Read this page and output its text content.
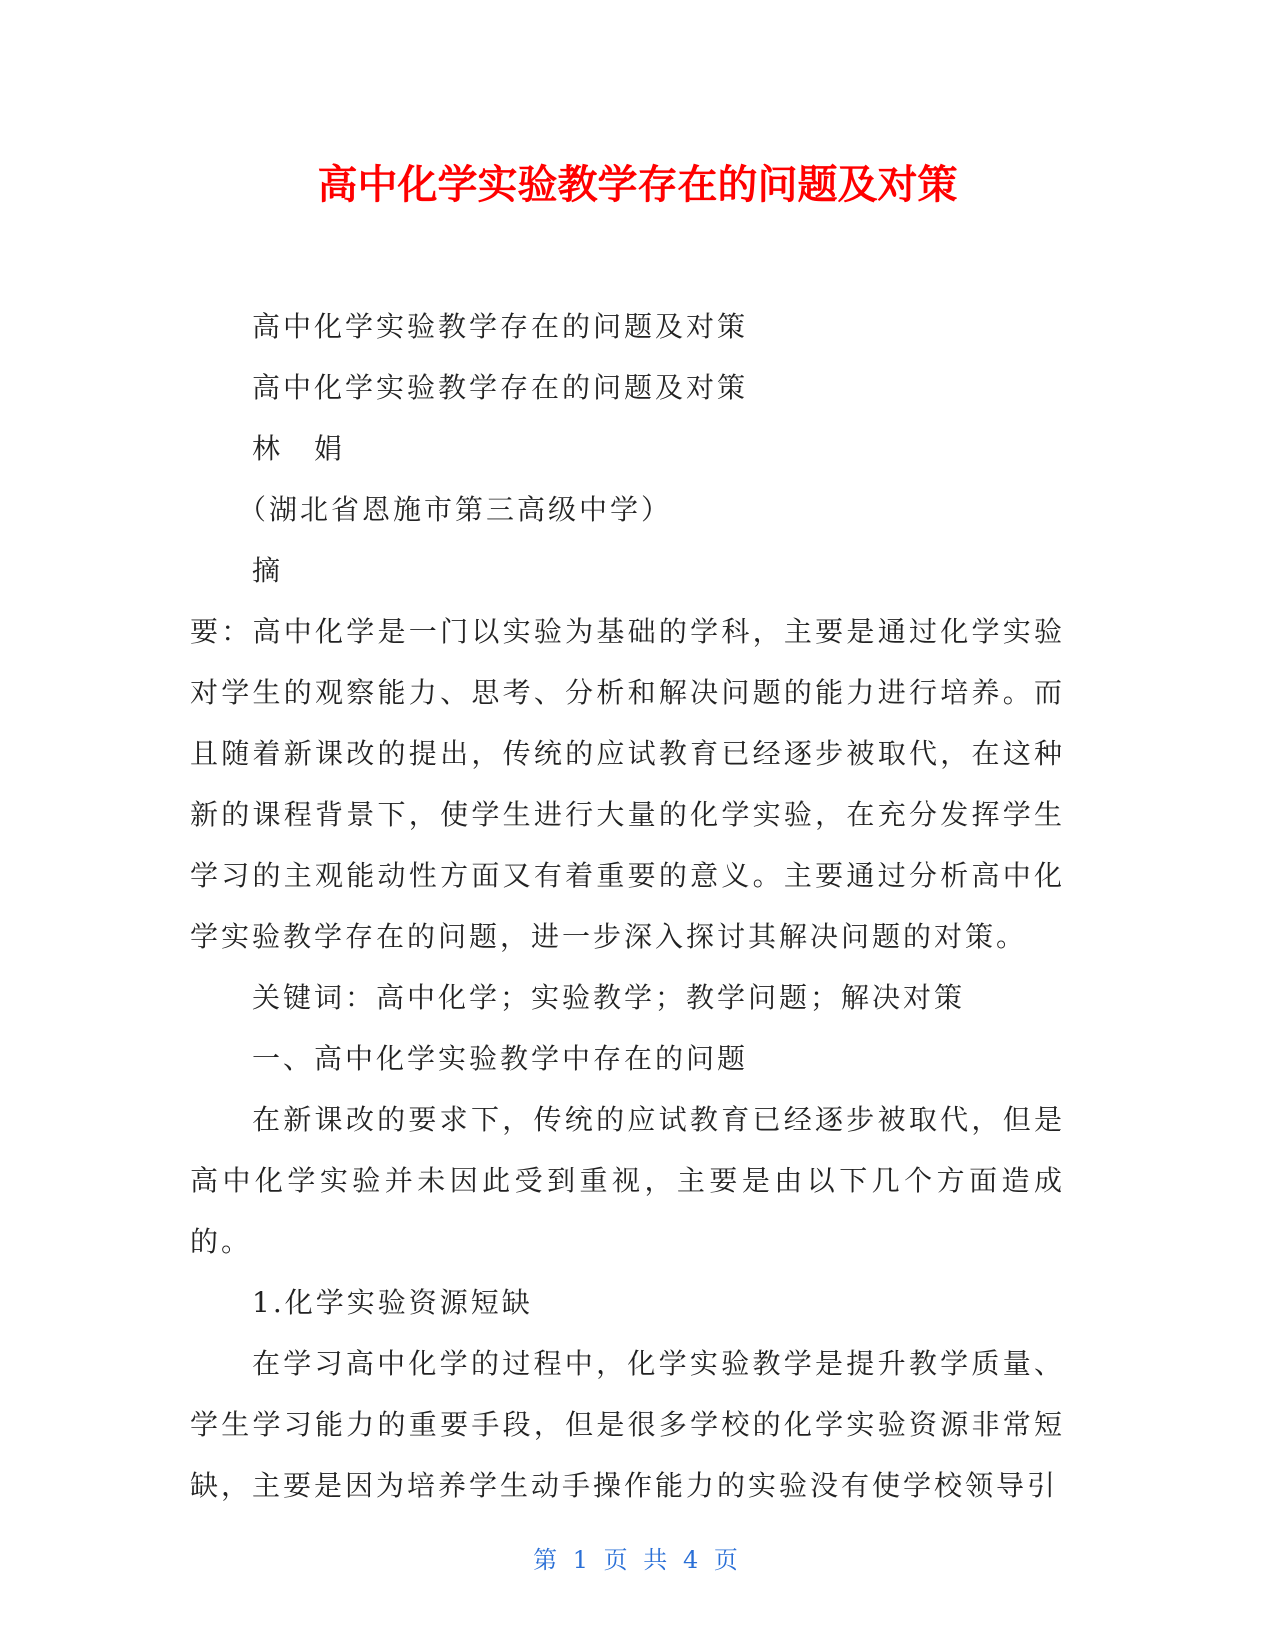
高中化学实验教学存在的问题及对策

高中化学实验教学存在的问题及对策

高中化学实验教学存在的问题及对策

林　娟

（湖北省恩施市第三高级中学）

摘

要：高中化学是一门以实验为基础的学科，主要是通过化学实验对学生的观察能力、思考、分析和解决问题的能力进行培养。而且随着新课改的提出，传统的应试教育已经逐步被取代，在这种新的课程背景下，使学生进行大量的化学实验，在充分发挥学生学习的主观能动性方面又有着重要的意义。主要通过分析高中化学实验教学存在的问题，进一步深入探讨其解决问题的对策。

关键词：高中化学；实验教学；教学问题；解决对策

一、高中化学实验教学中存在的问题

在新课改的要求下，传统的应试教育已经逐步被取代，但是高中化学实验并未因此受到重视，主要是由以下几个方面造成的。

1.化学实验资源短缺

在学习高中化学的过程中，化学实验教学是提升教学质量、学生学习能力的重要手段，但是很多学校的化学实验资源非常短缺，主要是因为培养学生动手操作能力的实验没有使学校领导引

第 1 页 共 4 页
